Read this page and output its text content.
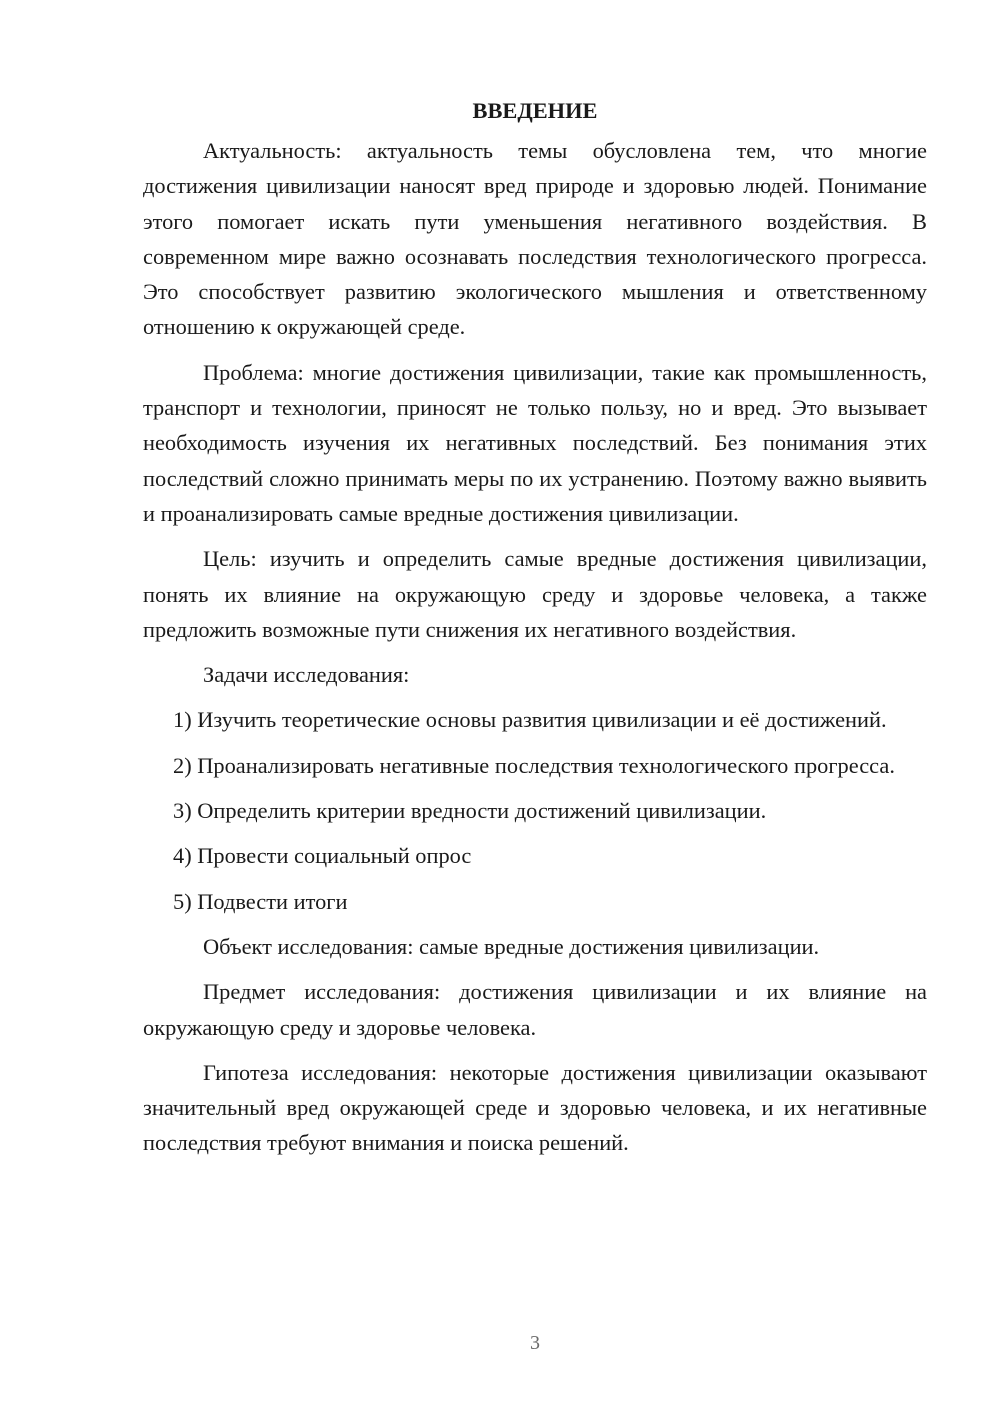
ВВЕДЕНИЕ

Актуальность: актуальность темы обусловлена тем, что многие достижения цивилизации наносят вред природе и здоровью людей. Понимание этого помогает искать пути уменьшения негативного воздействия. В современном мире важно осознавать последствия технологического прогресса. Это способствует развитию экологического мышления и ответственному отношению к окружающей среде.

Проблема: многие достижения цивилизации, такие как промышленность, транспорт и технологии, приносят не только пользу, но и вред. Это вызывает необходимость изучения их негативных последствий. Без понимания этих последствий сложно принимать меры по их устранению. Поэтому важно выявить и проанализировать самые вредные достижения цивилизации.

Цель: изучить и определить самые вредные достижения цивилизации, понять их влияние на окружающую среду и здоровье человека, а также предложить возможные пути снижения их негативного воздействия.

Задачи исследования:

1) Изучить теоретические основы развития цивилизации и её достижений.

2) Проанализировать негативные последствия технологического прогресса.

3) Определить критерии вредности достижений цивилизации.

4) Провести социальный опрос

5) Подвести итоги

Объект исследования: самые вредные достижения цивилизации.

Предмет исследования: достижения цивилизации и их влияние на окружающую среду и здоровье человека.

Гипотеза исследования: некоторые достижения цивилизации оказывают значительный вред окружающей среде и здоровью человека, и их негативные последствия требуют внимания и поиска решений.

3
